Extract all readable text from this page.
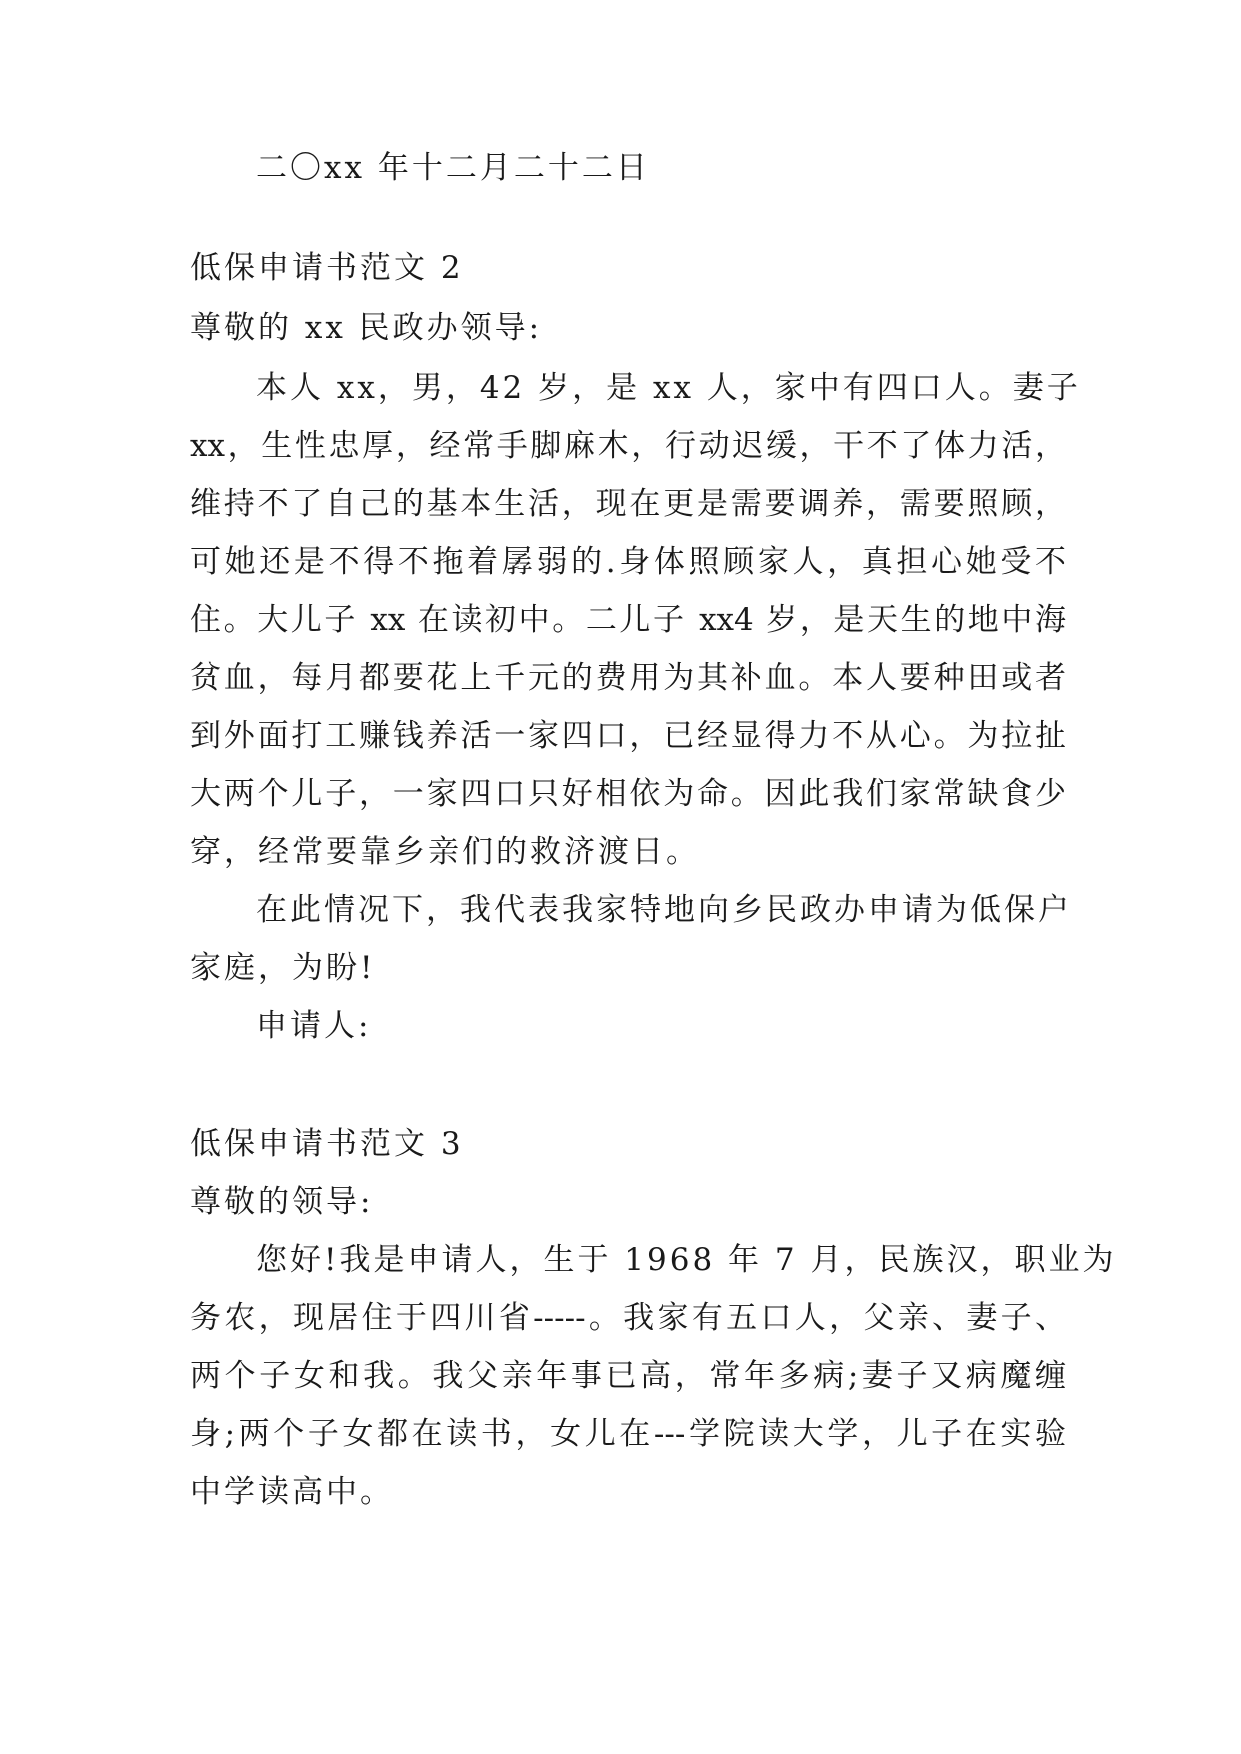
二〇xx 年十二月二十二日
低保申请书范文 2
尊敬的 xx 民政办领导:
本人 xx，男，42 岁，是 xx 人，家中有四口人。妻子
xx，生性忠厚，经常手脚麻木，行动迟缓，干不了体力活，
维持不了自己的基本生活，现在更是需要调养，需要照顾，
可她还是不得不拖着孱弱的.身体照顾家人，真担心她受不
住。大儿子 xx 在读初中。二儿子 xx4 岁，是天生的地中海
贫血，每月都要花上千元的费用为其补血。本人要种田或者
到外面打工赚钱养活一家四口，已经显得力不从心。为拉扯
大两个儿子，一家四口只好相依为命。因此我们家常缺食少
穿，经常要靠乡亲们的救济渡日。
在此情况下，我代表我家特地向乡民政办申请为低保户
家庭，为盼!
申请人:
低保申请书范文 3
尊敬的领导:
您好!我是申请人，生于 1968 年 7 月，民族汉，职业为
务农，现居住于四川省-----。我家有五口人，父亲、妻子、
两个子女和我。我父亲年事已高，常年多病;妻子又病魔缠
身;两个子女都在读书，女儿在---学院读大学，儿子在实验
中学读高中。
